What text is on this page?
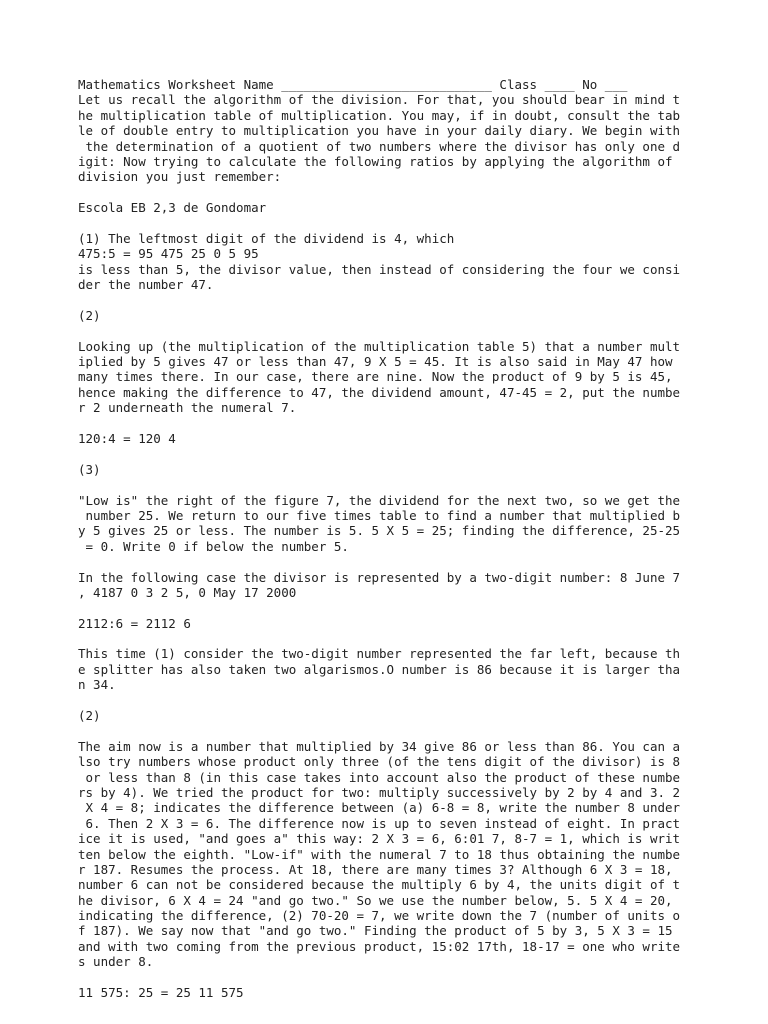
Mathematics Worksheet Name ____________________________ Class ____ No ___
Let us recall the algorithm of the division. For that, you should bear in mind t
he multiplication table of multiplication. You may, if in doubt, consult the tab
le of double entry to multiplication you have in your daily diary. We begin with
the determination of a quotient of two numbers where the divisor has only one d
igit: Now trying to calculate the following ratios by applying the algorithm of
division you just remember:
Escola EB 2,3 de Gondomar
(1) The leftmost digit of the dividend is 4, which
475:5 = 95 475 25 0 5 95
is less than 5, the divisor value, then instead of considering the four we consi
der the number 47.
(2)
Looking up (the multiplication of the multiplication table 5) that a number mult
iplied by 5 gives 47 or less than 47, 9 X 5 = 45. It is also said in May 47 how
many times there. In our case, there are nine. Now the product of 9 by 5 is 45,
hence making the difference to 47, the dividend amount, 47-45 = 2, put the numbe
r 2 underneath the numeral 7.
120:4 = 120 4
(3)
"Low is" the right of the figure 7, the dividend for the next two, so we get the
number 25. We return to our five times table to find a number that multiplied b
y 5 gives 25 or less. The number is 5. 5 X 5 = 25; finding the difference, 25-25
= 0. Write 0 if below the number 5.
In the following case the divisor is represented by a two-digit number: 8 June 7
, 4187 0 3 2 5, 0 May 17 2000
2112:6 = 2112 6
This time (1) consider the two-digit number represented the far left, because th
e splitter has also taken two algarismos.O number is 86 because it is larger tha
n 34.
(2)
The aim now is a number that multiplied by 34 give 86 or less than 86. You can a
lso try numbers whose product only three (of the tens digit of the divisor) is 8
or less than 8 (in this case takes into account also the product of these numbe
rs by 4). We tried the product for two: multiply successively by 2 by 4 and 3. 2
X 4 = 8; indicates the difference between (a) 6-8 = 8, write the number 8 under
6. Then 2 X 3 = 6. The difference now is up to seven instead of eight. In pract
ice it is used, "and goes a" this way: 2 X 3 = 6, 6:01 7, 8-7 = 1, which is writ
ten below the eighth. "Low-if" with the numeral 7 to 18 thus obtaining the numbe
r 187. Resumes the process. At 18, there are many times 3? Although 6 X 3 = 18,
number 6 can not be considered because the multiply 6 by 4, the units digit of t
he divisor, 6 X 4 = 24 "and go two." So we use the number below, 5. 5 X 4 = 20,
indicating the difference, (2) 70-20 = 7, we write down the 7 (number of units o
f 187). We say now that "and go two." Finding the product of 5 by 3, 5 X 3 = 15
and with two coming from the previous product, 15:02 17th, 18-17 = one who write
s under 8.
11 575: 25 = 25 11 575
